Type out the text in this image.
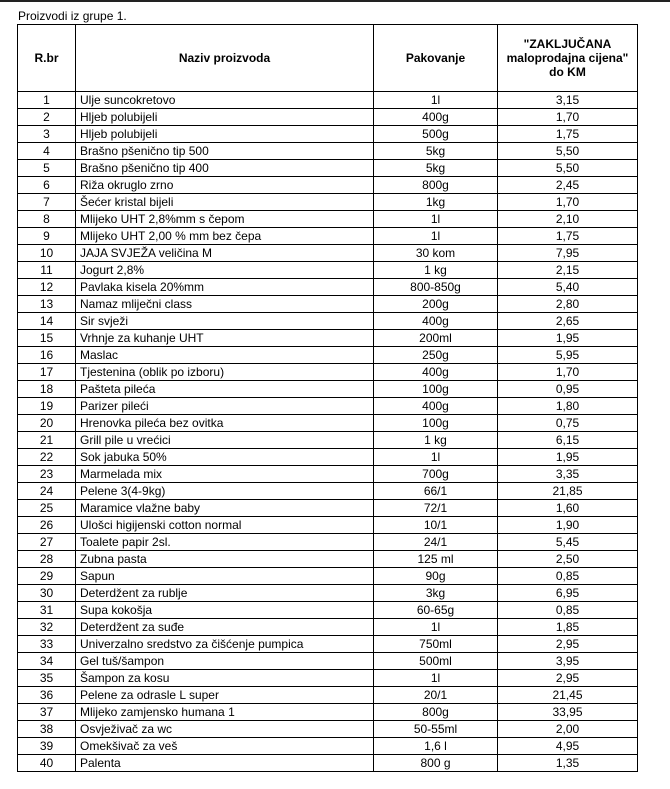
Proizvodi iz grupe 1.
R.br	Naziv proizvoda	Pakovanje	"ZAKLJUČANA maloprodajna cijena" do KM
1	Ulje suncokretovo	1l	3,15
2	Hljeb polubijeli	400g	1,70
3	Hljeb polubijeli	500g	1,75
4	Brašno pšenično tip 500	5kg	5,50
5	Brašno pšenično tip 400	5kg	5,50
6	Riža okruglo zrno	800g	2,45
7	Šećer kristal bijeli	1kg	1,70
8	Mlijeko UHT 2,8%mm s čepom	1l	2,10
9	Mlijeko UHT 2,00 % mm bez čepa	1l	1,75
10	JAJA SVJEŽA veličina M	30 kom	7,95
11	Jogurt 2,8%	1 kg	2,15
12	Pavlaka kisela 20%mm	800-850g	5,40
13	Namaz mliječni class	200g	2,80
14	Sir svježi	400g	2,65
15	Vrhnje za kuhanje UHT	200ml	1,95
16	Maslac	250g	5,95
17	Tjestenina (oblik po izboru)	400g	1,70
18	Pašteta pileća	100g	0,95
19	Parizer pileći	400g	1,80
20	Hrenovka pileća bez ovitka	100g	0,75
21	Grill pile u vrećici	1 kg	6,15
22	Sok jabuka 50%	1l	1,95
23	Marmelada mix	700g	3,35
24	Pelene 3(4-9kg)	66/1	21,85
25	Maramice vlažne baby	72/1	1,60
26	Ulošci higijenski cotton normal	10/1	1,90
27	Toalete papir 2sl.	24/1	5,45
28	Zubna pasta	125 ml	2,50
29	Sapun	90g	0,85
30	Deterdžent za rublje	3kg	6,95
31	Supa kokošja	60-65g	0,85
32	Deterdžent za suđe	1l	1,85
33	Univerzalno sredstvo za čišćenje pumpica	750ml	2,95
34	Gel tuš/šampon	500ml	3,95
35	Šampon za kosu	1l	2,95
36	Pelene za odrasle L super	20/1	21,45
37	Mlijeko zamjensko humana 1	800g	33,95
38	Osvježivač za wc	50-55ml	2,00
39	Omekšivač za veš	1,6 l	4,95
40	Palenta	800 g	1,35
